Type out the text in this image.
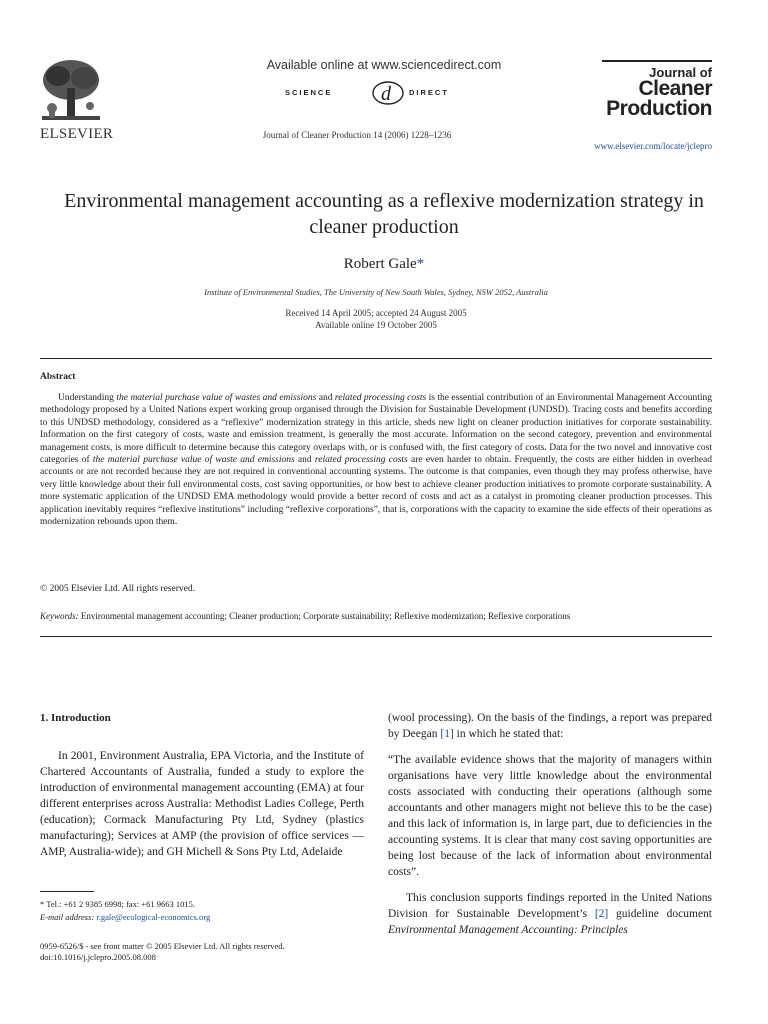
ELSEVIER
Available online at www.sciencedirect.com
SCIENCE d DIRECT
Journal of Cleaner Production 14 (2006) 1228–1236
Journal of
Cleaner
Production
www.elsevier.com/locate/jclepro
Environmental management accounting as a reflexive modernization strategy in cleaner production
Robert Gale*
Institute of Environmental Studies, The University of New South Wales, Sydney, NSW 2052, Australia
Received 14 April 2005; accepted 24 August 2005
Available online 19 October 2005
Abstract

Understanding the material purchase value of wastes and emissions and related processing costs is the essential contribution of an Environmental Management Accounting methodology proposed by a United Nations expert working group organised through the Division for Sustainable Development (UNDSD). Tracing costs and benefits according to this UNDSD methodology, considered as a “reflexive” modernization strategy in this article, sheds new light on cleaner production initiatives for corporate sustainability. Information on the first category of costs, waste and emission treatment, is generally the most accurate. Information on the second category, prevention and environmental management costs, is more difficult to determine because this category overlaps with, or is confused with, the first category of costs. Data for the two novel and innovative cost categories of the material purchase value of waste and emissions and related processing costs are even harder to obtain. Frequently, the costs are either hidden in overhead accounts or are not recorded because they are not required in conventional accounting systems. The outcome is that companies, even though they may profess otherwise, have very little knowledge about their full environmental costs, cost saving opportunities, or how best to achieve cleaner production initiatives to promote corporate sustainability. A more systematic application of the UNDSD EMA methodology would provide a better record of costs and act as a catalyst in promoting cleaner production processes. This application inevitably requires “reflexive institutions” including “reflexive corporations”, that is, corporations with the capacity to examine the side effects of their operations as modernization rebounds upon them.

© 2005 Elsevier Ltd. All rights reserved.
Keywords: Environmental management accounting; Cleaner production; Corporate sustainability; Reflexive modernization; Reflexive corporations
1. Introduction

In 2001, Environment Australia, EPA Victoria, and the Institute of Chartered Accountants of Australia, funded a study to explore the introduction of environmental management accounting (EMA) at four different enterprises across Australia: Methodist Ladies College, Perth (education); Cormack Manufacturing Pty Ltd, Sydney (plastics manufacturing); Services at AMP (the provision of office services — AMP, Australia-wide); and GH Michell & Sons Pty Ltd, Adelaide

(wool processing). On the basis of the findings, a report was prepared by Deegan [1] in which he stated that:

“The available evidence shows that the majority of managers within organisations have very little knowledge about the environmental costs associated with conducting their operations (although some accountants and other managers might not believe this to be the case) and this lack of information is, in large part, due to deficiencies in the accounting systems. It is clear that many cost saving opportunities are being lost because of the lack of information about environmental costs”.

This conclusion supports findings reported in the United Nations Division for Sustainable Development’s [2] guideline document Environmental Management Accounting: Principles

* Tel.: +61 2 9385 6998; fax: +61 9663 1015.
E-mail address: r.gale@ecological-economics.org
0959-6526/$ - see front matter © 2005 Elsevier Ltd. All rights reserved.
doi:10.1016/j.jclepro.2005.08.008
